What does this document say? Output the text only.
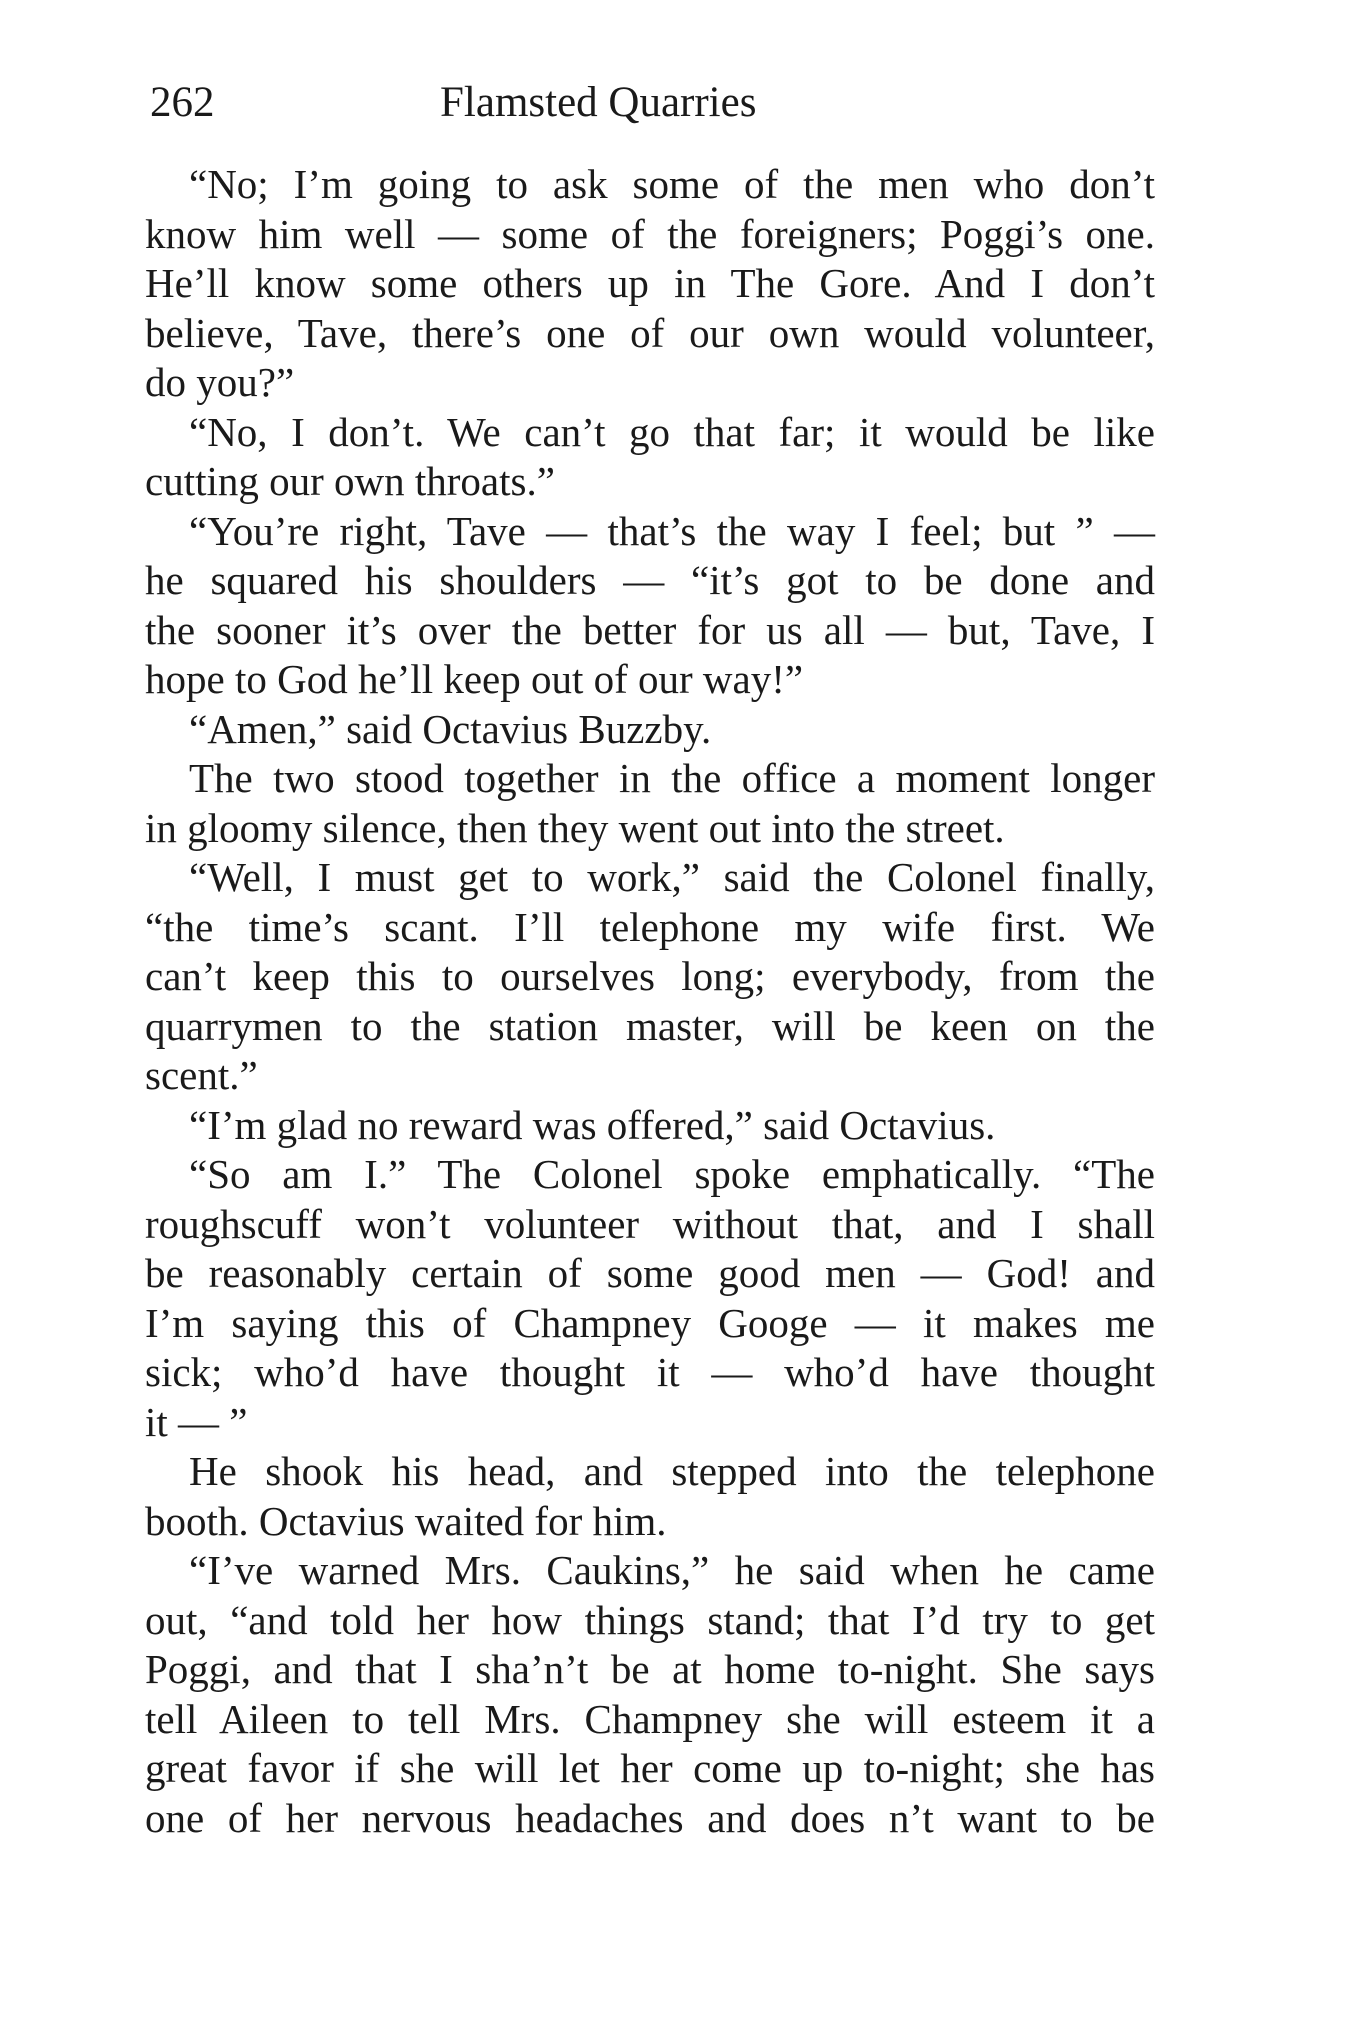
262	Flamsted Quarries
“No; I’m going to ask some of the men who don’t
know him well — some of the foreigners; Poggi’s one.
He’ll know some others up in The Gore. And I don’t
believe, Tave, there’s one of our own would volunteer,
do you?”
“No, I don’t. We can’t go that far; it would be like
cutting our own throats.”
“You’re right, Tave — that’s the way I feel; but ” —
he squared his shoulders — “it’s got to be done and
the sooner it’s over the better for us all — but, Tave, I
hope to God he’ll keep out of our way!”
“Amen,” said Octavius Buzzby.
The two stood together in the office a moment longer
in gloomy silence, then they went out into the street.
“Well, I must get to work,” said the Colonel finally,
“the time’s scant. I’ll telephone my wife first. We
can’t keep this to ourselves long; everybody, from the
quarrymen to the station master, will be keen on the
scent.”
“I’m glad no reward was offered,” said Octavius.
“So am I.” The Colonel spoke emphatically. “The
roughscuff won’t volunteer without that, and I shall
be reasonably certain of some good men — God! and
I’m saying this of Champney Googe — it makes me
sick; who’d have thought it — who’d have thought
it — ”
He shook his head, and stepped into the telephone
booth. Octavius waited for him.
“I’ve warned Mrs. Caukins,” he said when he came
out, “and told her how things stand; that I’d try to get
Poggi, and that I sha’n’t be at home to-night. She says
tell Aileen to tell Mrs. Champney she will esteem it a
great favor if she will let her come up to-night; she has
one of her nervous headaches and does n’t want to be
